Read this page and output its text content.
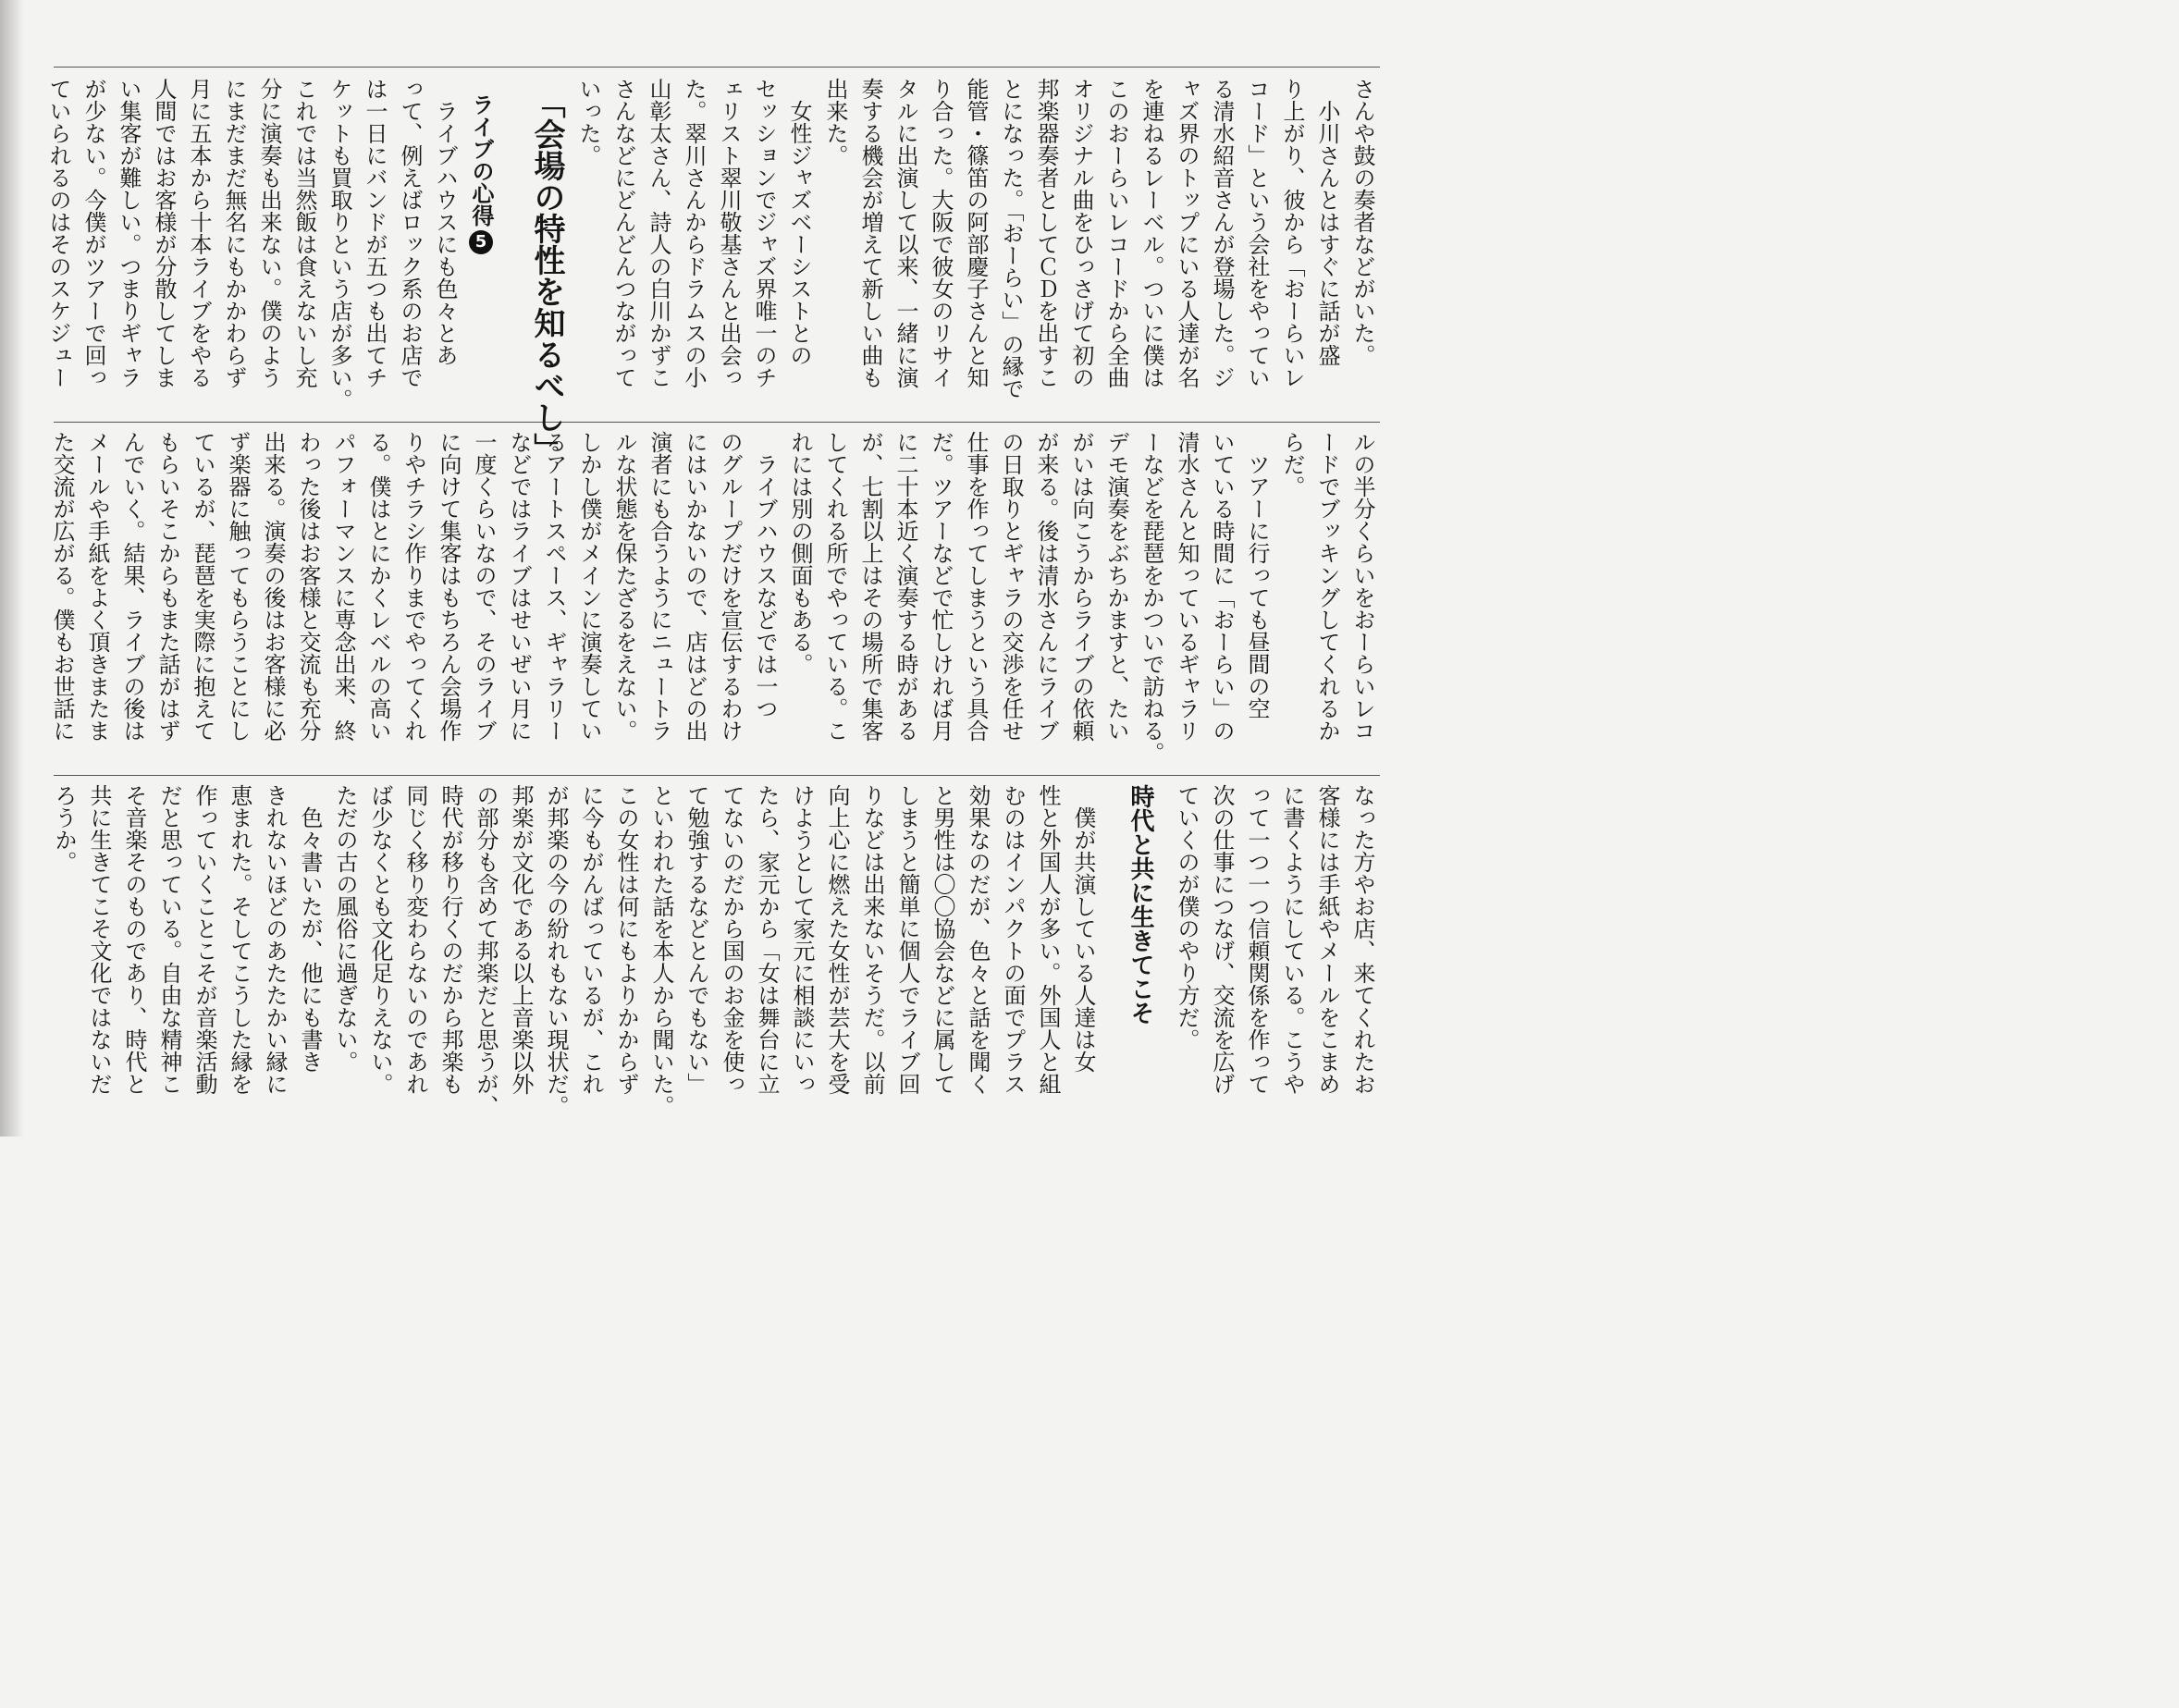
さんや鼓の奏者などがいた。
　小川さんとはすぐに話が盛
り上がり、彼から「おーらいレ
コード」という会社をやってい
る清水紹音さんが登場した。ジ
ャズ界のトップにいる人達が名
を連ねるレーベル。ついに僕は
このおーらいレコードから全曲
オリジナル曲をひっさげて初の
邦楽器奏者としてＣＤを出すこ
とになった。「おーらい」の縁で
能管・篠笛の阿部慶子さんと知
り合った。大阪で彼女のリサイ
タルに出演して以来、一緒に演
奏する機会が増えて新しい曲も
出来た。
　女性ジャズベーシストとの
セッションでジャズ界唯一のチ
ェリスト翠川敬基さんと出会っ
た。翠川さんからドラムスの小
山彰太さん、詩人の白川かずこ
さんなどにどんどんつながって
いった。

ライブの心得5	「会場の特性を知るべし」
　ライブハウスにも色々とあ
って、例えばロック系のお店で
は一日にバンドが五つも出てチ
ケットも買取りという店が多い。
これでは当然飯は食えないし充
分に演奏も出来ない。僕のよう
にまだまだ無名にもかかわらず
月に五本から十本ライブをやる
人間ではお客様が分散してしま
い集客が難しい。つまりギャラ
が少ない。今僕がツアーで回っ
ていられるのはそのスケジュー
ルの半分くらいをおーらいレコ
ードでブッキングしてくれるか
らだ。
　ツアーに行っても昼間の空
いている時間に「おーらい」の
清水さんと知っているギャラリ
ーなどを琵琶をかついで訪ねる。
デモ演奏をぶちかますと、たい
がいは向こうからライブの依頼
が来る。後は清水さんにライブ
の日取りとギャラの交渉を任せ
仕事を作ってしまうという具合
だ。ツアーなどで忙しければ月
に二十本近く演奏する時がある
が、七割以上はその場所で集客
してくれる所でやっている。こ
れには別の側面もある。
　ライブハウスなどでは一つ
のグループだけを宣伝するわけ
にはいかないので、店はどの出
演者にも合うようにニュートラ
ルな状態を保たざるをえない。
しかし僕がメインに演奏してい
るアートスペース、ギャラリー
などではライブはせいぜい月に
一度くらいなので、そのライブ
に向けて集客はもちろん会場作
りやチラシ作りまでやってくれ
る。僕はとにかくレベルの高い
パフォーマンスに専念出来、終
わった後はお客様と交流も充分
出来る。演奏の後はお客様に必
ず楽器に触ってもらうことにし
ているが、琵琶を実際に抱えて
もらいそこからもまた話がはず
んでいく。結果、ライブの後は
メールや手紙をよく頂きまたま
た交流が広がる。僕もお世話に
なった方やお店、来てくれたお
客様には手紙やメールをこまめ
に書くようにしている。こうや
って一つ一つ信頼関係を作って
次の仕事につなげ、交流を広げ
ていくのが僕のやり方だ。
時代と共に生きてこそ
　僕が共演している人達は女
性と外国人が多い。外国人と組
むのはインパクトの面でプラス
効果なのだが、色々と話を聞く
と男性は〇〇協会などに属して
しまうと簡単に個人でライブ回
りなどは出来ないそうだ。以前
向上心に燃えた女性が芸大を受
けようとして家元に相談にいっ
たら、家元から「女は舞台に立
てないのだから国のお金を使っ
て勉強するなどとんでもない」
といわれた話を本人から聞いた。
この女性は何にもよりかからず
に今もがんばっているが、これ
が邦楽の今の紛れもない現状だ。
邦楽が文化である以上音楽以外
の部分も含めて邦楽だと思うが、
時代が移り行くのだから邦楽も
同じく移り変わらないのであれ
ば少なくとも文化足りえない。
ただの古の風俗に過ぎない。
　色々書いたが、他にも書き
きれないほどのあたたかい縁に
恵まれた。そしてこうした縁を
作っていくことこそが音楽活動
だと思っている。自由な精神こ
そ音楽そのものであり、時代と
共に生きてこそ文化ではないだ
ろうか。
